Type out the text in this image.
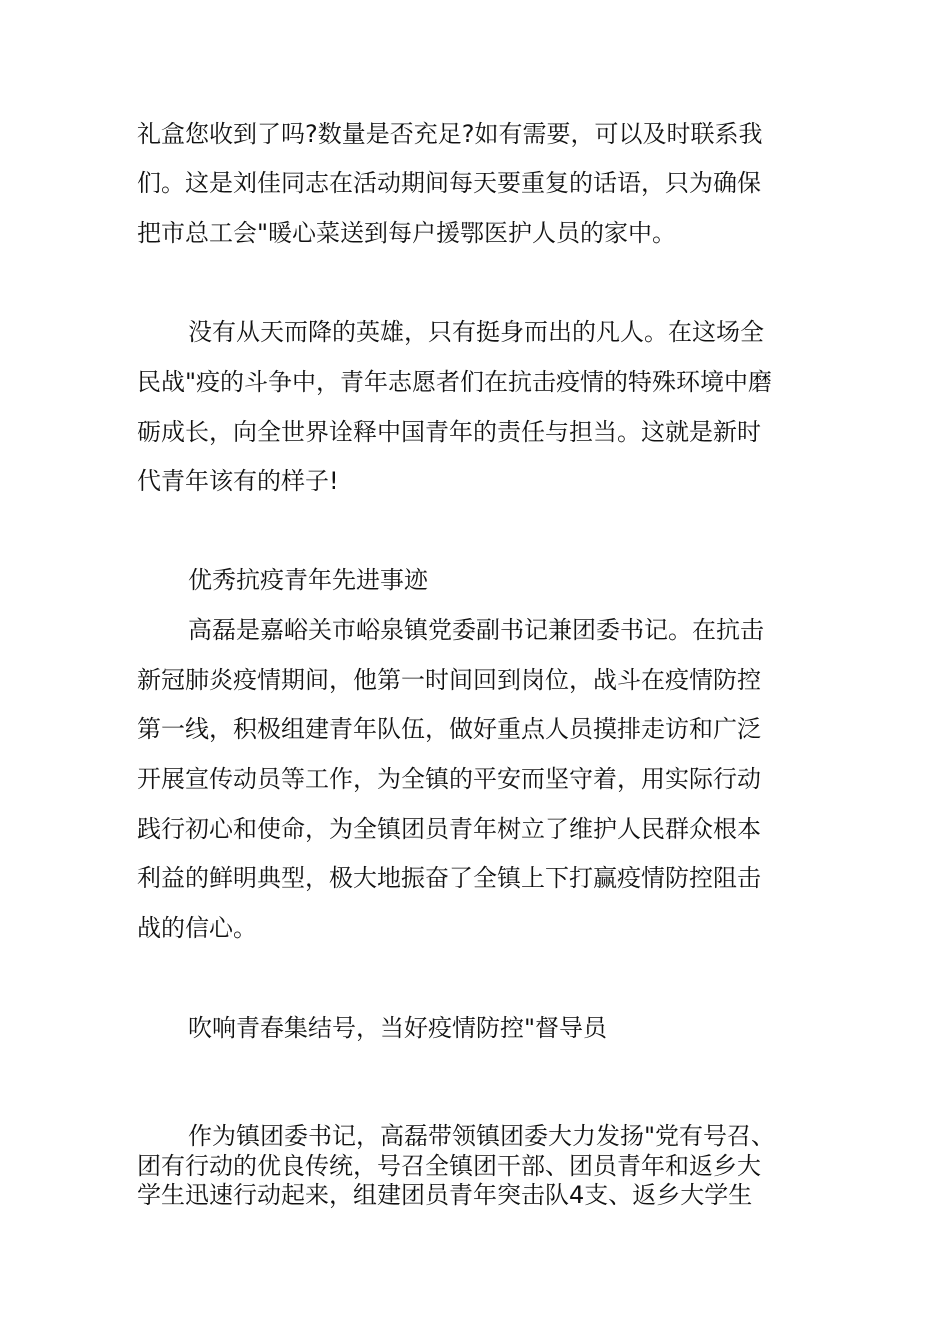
礼盒您收到了吗?数量是否充足?如有需要，可以及时联系我
们。这是刘佳同志在活动期间每天要重复的话语，只为确保
把市总工会"暖心菜送到每户援鄂医护人员的家中。
没有从天而降的英雄，只有挺身而出的凡人。在这场全
民战"疫的斗争中，青年志愿者们在抗击疫情的特殊环境中磨
砺成长，向全世界诠释中国青年的责任与担当。这就是新时
代青年该有的样子!
优秀抗疫青年先进事迹
高磊是嘉峪关市峪泉镇党委副书记兼团委书记。在抗击
新冠肺炎疫情期间，他第一时间回到岗位，战斗在疫情防控
第一线，积极组建青年队伍，做好重点人员摸排走访和广泛
开展宣传动员等工作，为全镇的平安而坚守着，用实际行动
践行初心和使命，为全镇团员青年树立了维护人民群众根本
利益的鲜明典型，极大地振奋了全镇上下打赢疫情防控阻击
战的信心。
吹响青春集结号，当好疫情防控"督导员
作为镇团委书记，高磊带领镇团委大力发扬"党有号召、
团有行动的优良传统，号召全镇团干部、团员青年和返乡大
学生迅速行动起来，组建团员青年突击队4支、返乡大学生
